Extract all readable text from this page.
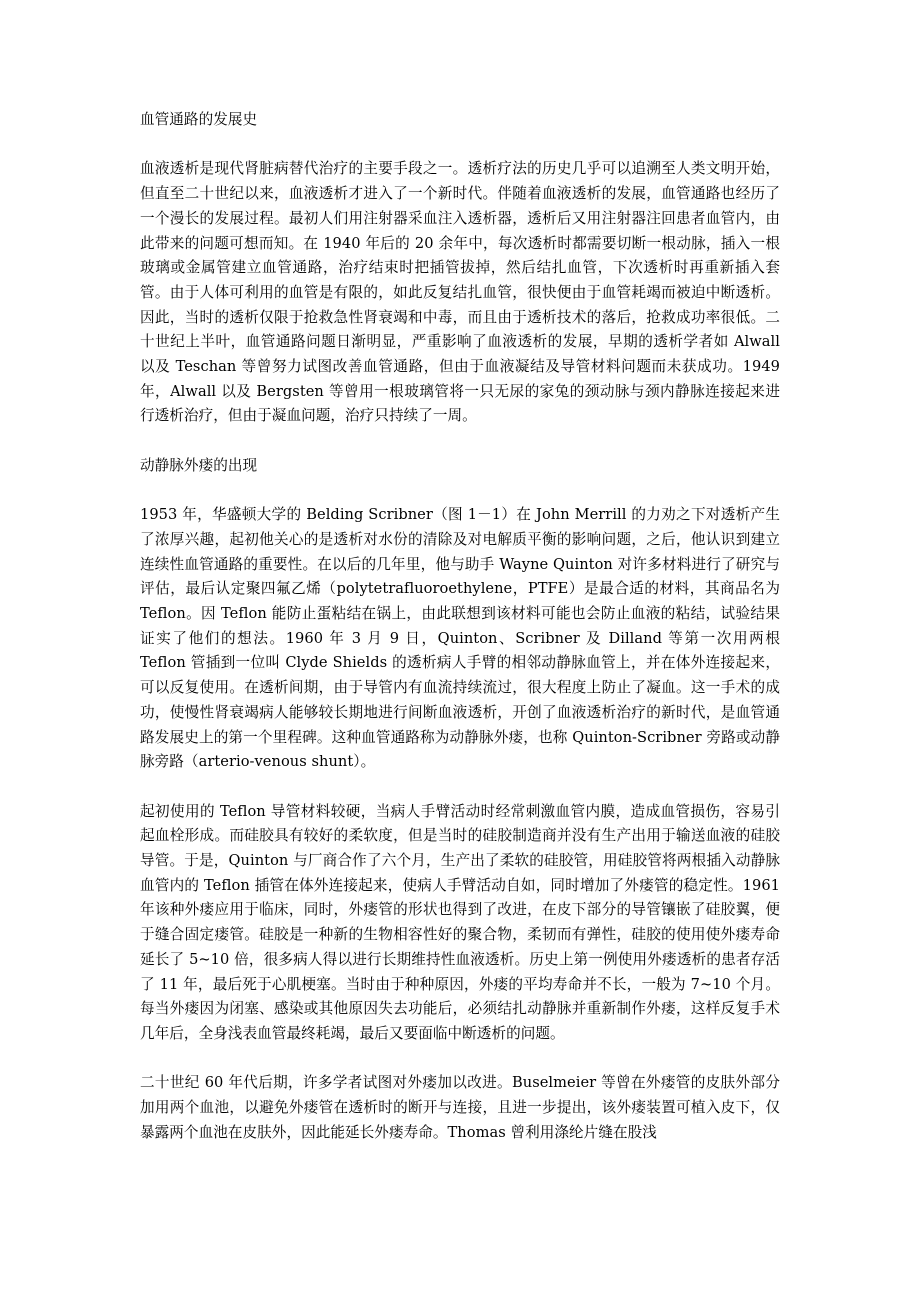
血管通路的发展史

血液透析是现代肾脏病替代治疗的主要手段之一。透析疗法的历史几乎可以追溯至人类文明开始，但直至二十世纪以来，血液透析才进入了一个新时代。伴随着血液透析的发展，血管通路也经历了一个漫长的发展过程。最初人们用注射器采血注入透析器，透析后又用注射器注回患者血管内，由此带来的问题可想而知。在 1940 年后的 20 余年中，每次透析时都需要切断一根动脉，插入一根玻璃或金属管建立血管通路，治疗结束时把插管拔掉，然后结扎血管，下次透析时再重新插入套管。由于人体可利用的血管是有限的，如此反复结扎血管，很快便由于血管耗竭而被迫中断透析。因此，当时的透析仅限于抢救急性肾衰竭和中毒，而且由于透析技术的落后，抢救成功率很低。二十世纪上半叶，血管通路问题日渐明显，严重影响了血液透析的发展，早期的透析学者如 Alwall 以及 Teschan 等曾努力试图改善血管通路，但由于血液凝结及导管材料问题而未获成功。1949 年，Alwall 以及 Bergsten 等曾用一根玻璃管将一只无尿的家兔的颈动脉与颈内静脉连接起来进行透析治疗，但由于凝血问题，治疗只持续了一周。

动静脉外瘘的出现

1953 年，华盛顿大学的 Belding Scribner（图 1－1）在 John Merrill 的力劝之下对透析产生了浓厚兴趣，起初他关心的是透析对水份的清除及对电解质平衡的影响问题，之后，他认识到建立连续性血管通路的重要性。在以后的几年里，他与助手 Wayne Quinton 对许多材料进行了研究与评估，最后认定聚四氟乙烯（polytetrafluoroethylene，PTFE）是最合适的材料，其商品名为 Teflon。因 Teflon 能防止蛋粘结在锅上，由此联想到该材料可能也会防止血液的粘结，试验结果证实了他们的想法。1960 年 3 月 9 日，Quinton、Scribner 及 Dilland 等第一次用两根 Teflon 管插到一位叫 Clyde Shields 的透析病人手臂的相邻动静脉血管上，并在体外连接起来，可以反复使用。在透析间期，由于导管内有血流持续流过，很大程度上防止了凝血。这一手术的成功，使慢性肾衰竭病人能够较长期地进行间断血液透析，开创了血液透析治疗的新时代，是血管通路发展史上的第一个里程碑。这种血管通路称为动静脉外瘘，也称 Quinton-Scribner 旁路或动静脉旁路（arterio-venous shunt）。

起初使用的 Teflon 导管材料较硬，当病人手臂活动时经常刺激血管内膜，造成血管损伤，容易引起血栓形成。而硅胶具有较好的柔软度，但是当时的硅胶制造商并没有生产出用于输送血液的硅胶导管。于是，Quinton 与厂商合作了六个月，生产出了柔软的硅胶管，用硅胶管将两根插入动静脉血管内的 Teflon 插管在体外连接起来，使病人手臂活动自如，同时增加了外瘘管的稳定性。1961 年该种外瘘应用于临床，同时，外瘘管的形状也得到了改进，在皮下部分的导管镶嵌了硅胶翼，便于缝合固定瘘管。硅胶是一种新的生物相容性好的聚合物，柔韧而有弹性，硅胶的使用使外瘘寿命延长了 5~10 倍，很多病人得以进行长期维持性血液透析。历史上第一例使用外瘘透析的患者存活了 11 年，最后死于心肌梗塞。当时由于种种原因，外瘘的平均寿命并不长，一般为 7~10 个月。每当外瘘因为闭塞、感染或其他原因失去功能后，必须结扎动静脉并重新制作外瘘，这样反复手术几年后，全身浅表血管最终耗竭，最后又要面临中断透析的问题。

二十世纪 60 年代后期，许多学者试图对外瘘加以改进。Buselmeier 等曾在外瘘管的皮肤外部分加用两个血池，以避免外瘘管在透析时的断开与连接，且进一步提出，该外瘘装置可植入皮下，仅暴露两个血池在皮肤外，因此能延长外瘘寿命。Thomas 曾利用涤纶片缝在股浅
